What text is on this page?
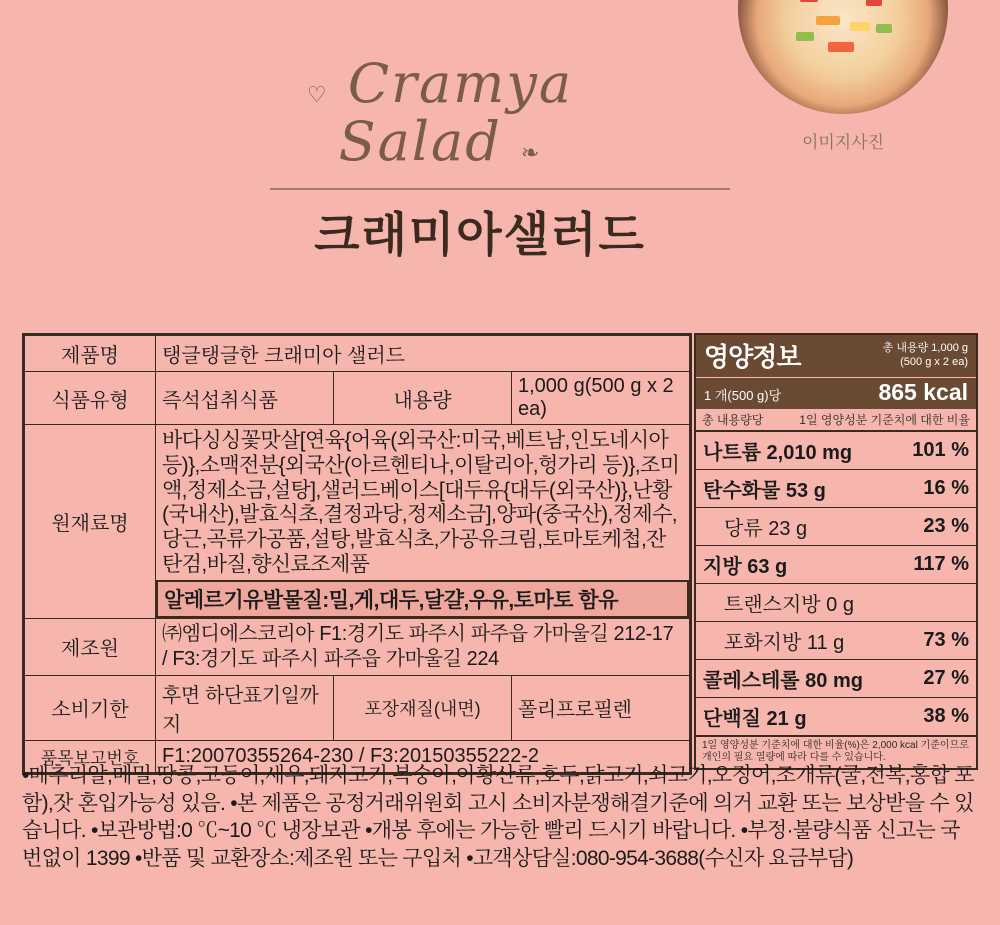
이미지사진
♡ Cramya
Salad ❧
크래미아샐러드
제품명	탱글탱글한 크래미아 샐러드		
식품유형	즉석섭취식품	내용량	1,000 g(500 g x 2 ea)
원재료명	바다싱싱꽃맛살[연육{어육(외국산:미국,베트남,인도네시아 등)},소맥전분{외국산(아르헨티나,이탈리아,헝가리 등)},조미액,정제소금,설탕],샐러드베이스[대두유{대두(외국산)},난황(국내산),발효식초,결정과당,정제소금],양파(중국산),정제수,당근,곡류가공품,설탕,발효식초,가공유크림,토마토케첩,잔탄검,바질,향신료조제품
알레르기유발물질:밀,게,대두,달걀,우유,토마토 함유		

제조원	㈜엠디에스코리아 F1:경기도 파주시 파주읍 가마울길 212-17 / F3:경기도 파주시 파주읍 가마울길 224		
소비기한	후면 하단표기일까지	포장재질(내면)	폴리프로필렌
품목보고번호	F1:20070355264-230 / F3:20150355222-2		
영양정보	총 내용량 1,000 g
(500 g x 2 ea)
1 개(500 g)당	865 kcal
총 내용량당	1일 영양성분 기준치에 대한 비율
나트륨 2,010 mg	101 %
탄수화물 53 g	16 %
당류 23 g	23 %
지방 63 g	117 %
트랜스지방 0 g	
포화지방 11 g	73 %
콜레스테롤 80 mg	27 %
단백질 21 g	38 %
1일 영양성분 기준치에 대한 비율(%)은 2,000 kcal 기준이므로 개인의 필요 열량에 따라 다를 수 있습니다.
•메추리알,메밀,땅콩,고등어,새우,돼지고기,복숭아,아황산류,호두,닭고기,쇠고기,오징어,조개류(굴,전복,홍합 포함),잣 혼입가능성 있음. •본 제품은 공정거래위원회 고시 소비자분쟁해결기준에 의거 교환 또는 보상받을 수 있습니다. •보관방법:0 ℃~10 ℃ 냉장보관 •개봉 후에는 가능한 빨리 드시기 바랍니다. •부정·불량식품 신고는 국번없이 1399 •반품 및 교환장소:제조원 또는 구입처 •고객상담실:080-954-3688(수신자 요금부담)
